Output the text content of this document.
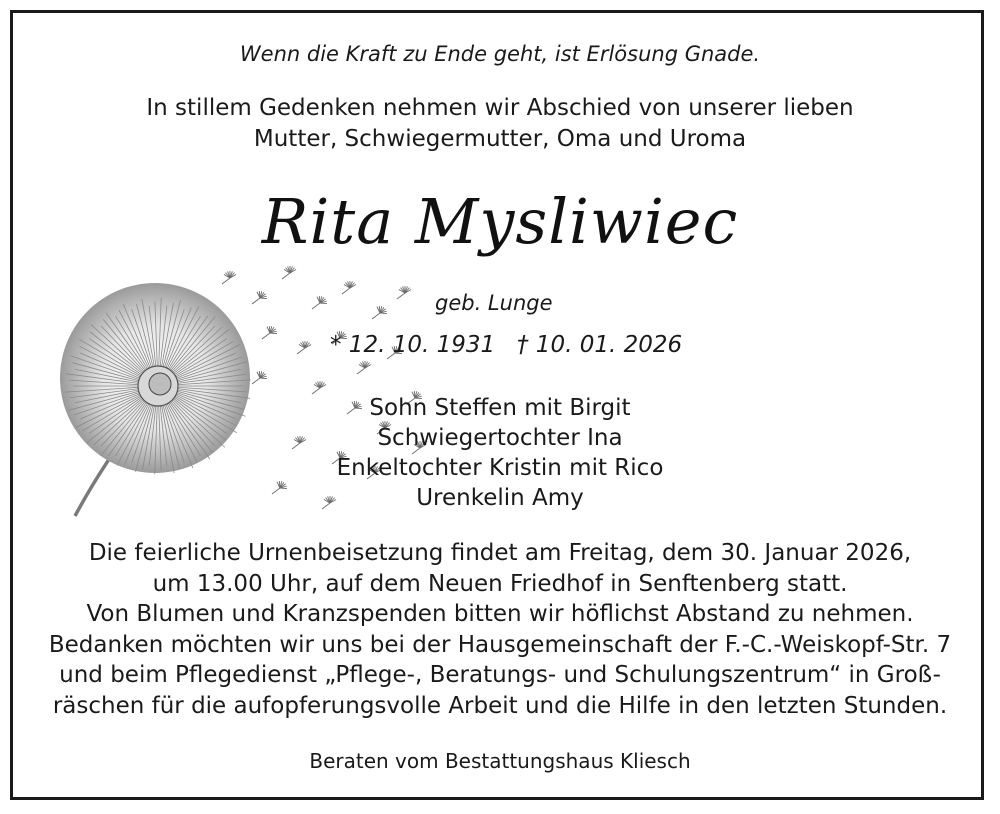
Wenn die Kraft zu Ende geht, ist Erlösung Gnade.
In stillem Gedenken nehmen wir Abschied von unserer lieben
Mutter, Schwiegermutter, Oma und Uroma
Rita Mysliwiec
geb. Lunge
* 12. 10. 1931 † 10. 01. 2026
Sohn Steffen mit Birgit
Schwiegertochter Ina
Enkeltochter Kristin mit Rico
Urenkelin Amy
Die feierliche Urnenbeisetzung findet am Freitag, dem 30. Januar 2026,
um 13.00 Uhr, auf dem Neuen Friedhof in Senftenberg statt.
Von Blumen und Kranzspenden bitten wir höflichst Abstand zu nehmen.
Bedanken möchten wir uns bei der Hausgemeinschaft der F.-C.-Weiskopf-Str. 7
und beim Pflegedienst „Pflege-, Beratungs- und Schulungszentrum“ in Groß-
räschen für die aufopferungsvolle Arbeit und die Hilfe in den letzten Stunden.
Beraten vom Bestattungshaus Kliesch
